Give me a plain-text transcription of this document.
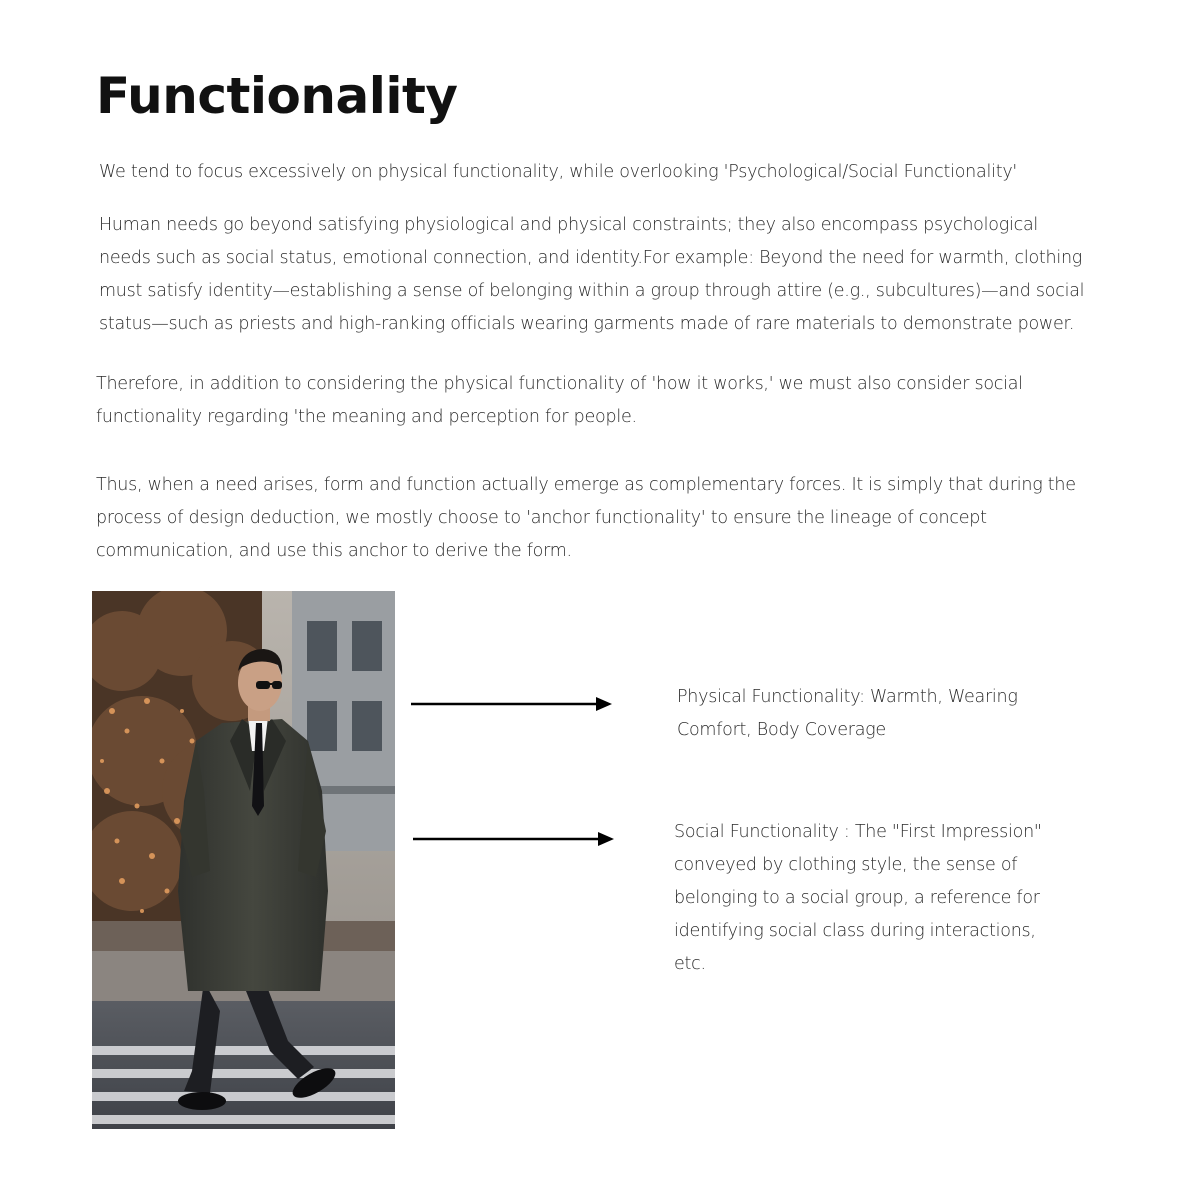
Functionality

We tend to focus excessively on physical functionality, while overlooking 'Psychological/Social Functionality'

Human needs go beyond satisfying physiological and physical constraints; they also encompass psychological needs such as social status, emotional connection, and identity.For example: Beyond the need for warmth, clothing must satisfy identity—establishing a sense of belonging within a group through attire (e.g., subcultures)—and social status—such as priests and high-ranking officials wearing garments made of rare materials to demonstrate power.

Therefore, in addition to considering the physical functionality of 'how it works,' we must also consider social functionality regarding 'the meaning and perception for people.

Thus, when a need arises, form and function actually emerge as complementary forces. It is simply that during the process of design deduction, we mostly choose to 'anchor functionality' to ensure the lineage of concept communication, and use this anchor to derive the form.

Physical Functionality: Warmth, Wearing Comfort, Body Coverage

Social Functionality : The "First Impression" conveyed by clothing style, the sense of belonging to a social group, a reference for identifying social class during interactions, etc.
